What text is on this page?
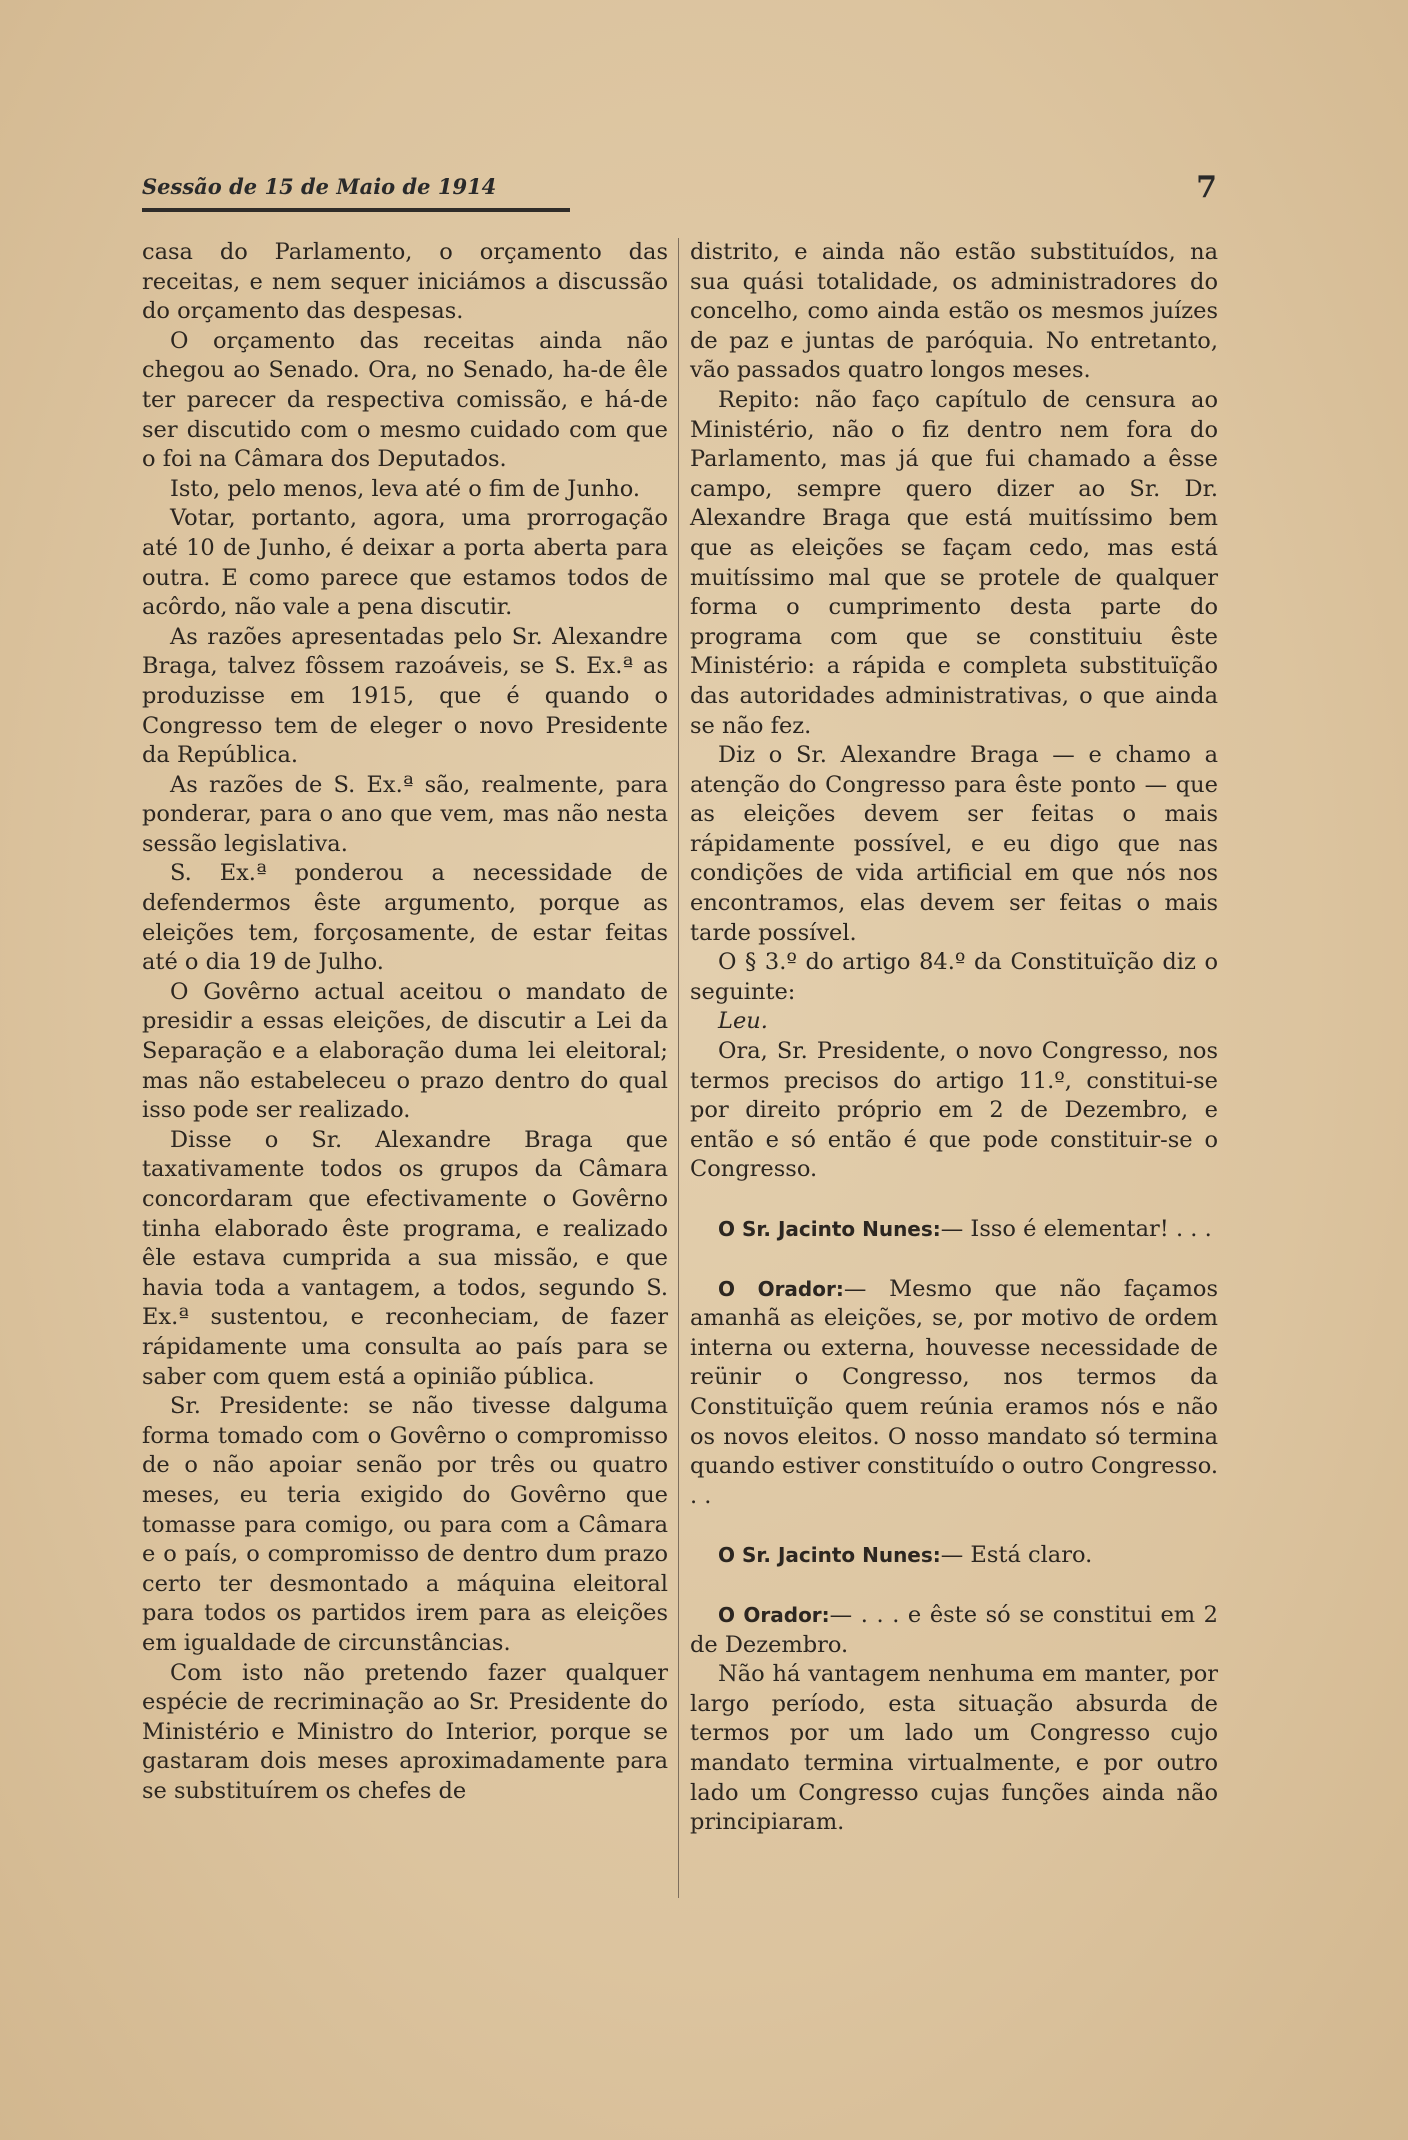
Sessão de 15 de Maio de 1914	7

casa do Parlamento, o orçamento das receitas, e nem sequer iniciámos a discussão do orçamento das despesas.

O orçamento das receitas ainda não chegou ao Senado. Ora, no Senado, ha-de êle ter parecer da respectiva comissão, e há-de ser discutido com o mesmo cuidado com que o foi na Câmara dos Deputados.

Isto, pelo menos, leva até o fim de Junho.

Votar, portanto, agora, uma prorrogação até 10 de Junho, é deixar a porta aberta para outra. E como parece que estamos todos de acôrdo, não vale a pena discutir.

As razões apresentadas pelo Sr. Alexandre Braga, talvez fôssem razoáveis, se S. Ex.ª as produzisse em 1915, que é quando o Congresso tem de eleger o novo Presidente da República.

As razões de S. Ex.ª são, realmente, para ponderar, para o ano que vem, mas não nesta sessão legislativa.

S. Ex.ª ponderou a necessidade de defendermos êste argumento, porque as eleições tem, forçosamente, de estar feitas até o dia 19 de Julho.

O Govêrno actual aceitou o mandato de presidir a essas eleições, de discutir a Lei da Separação e a elaboração duma lei eleitoral; mas não estabeleceu o prazo dentro do qual isso pode ser realizado.

Disse o Sr. Alexandre Braga que taxativamente todos os grupos da Câmara concordaram que efectivamente o Govêrno tinha elaborado êste programa, e realizado êle estava cumprida a sua missão, e que havia toda a vantagem, a todos, segundo S. Ex.ª sustentou, e reconheciam, de fazer rápidamente uma consulta ao país para se saber com quem está a opinião pública.

Sr. Presidente: se não tivesse dalguma forma tomado com o Govêrno o compromisso de o não apoiar senão por três ou quatro meses, eu teria exigido do Govêrno que tomasse para comigo, ou para com a Câmara e o país, o compromisso de dentro dum prazo certo ter desmontado a máquina eleitoral para todos os partidos irem para as eleições em igualdade de circunstâncias.

Com isto não pretendo fazer qualquer espécie de recriminação ao Sr. Presidente do Ministério e Ministro do Interior, porque se gastaram dois meses aproximadamente para se substituírem os chefes de

distrito, e ainda não estão substituídos, na sua quási totalidade, os administradores do concelho, como ainda estão os mesmos juízes de paz e juntas de paróquia. No entretanto, vão passados quatro longos meses.

Repito: não faço capítulo de censura ao Ministério, não o fiz dentro nem fora do Parlamento, mas já que fui chamado a êsse campo, sempre quero dizer ao Sr. Dr. Alexandre Braga que está muitíssimo bem que as eleições se façam cedo, mas está muitíssimo mal que se protele de qualquer forma o cumprimento desta parte do programa com que se constituiu êste Ministério: a rápida e completa substituïção das autoridades administrativas, o que ainda se não fez.

Diz o Sr. Alexandre Braga — e chamo a atenção do Congresso para êste ponto — que as eleições devem ser feitas o mais rápidamente possível, e eu digo que nas condições de vida artificial em que nós nos encontramos, elas devem ser feitas o mais tarde possível.

O § 3.º do artigo 84.º da Constituïção diz o seguinte:

Leu.

Ora, Sr. Presidente, o novo Congresso, nos termos precisos do artigo 11.º, constitui-se por direito próprio em 2 de Dezembro, e então e só então é que pode constituir-se o Congresso.

O Sr. Jacinto Nunes:— Isso é elementar! . . .

O Orador:— Mesmo que não façamos amanhã as eleições, se, por motivo de ordem interna ou externa, houvesse necessidade de reünir o Congresso, nos termos da Constituïção quem reúnia eramos nós e não os novos eleitos. O nosso mandato só termina quando estiver constituído o outro Congresso. . .

O Sr. Jacinto Nunes:— Está claro.

O Orador:— . . . e êste só se constitui em 2 de Dezembro.

Não há vantagem nenhuma em manter, por largo período, esta situação absurda de termos por um lado um Congresso cujo mandato termina virtualmente, e por outro lado um Congresso cujas funções ainda não principiaram.
